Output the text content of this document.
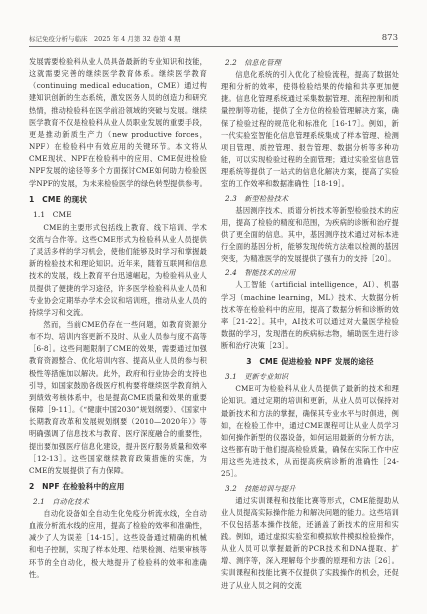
标记免疫分析与临床　2025 年 4 月第 32 卷第 4 期	873

发展需要检验科从业人员具备最新的专业知识和技能，这就需要完善的继续医学教育体系。继续医学教育（continuing medical education，CME）通过构建知识创新的生态系统，激发医务人员的创造力和研究热情，推动检验科在医学前沿领域的突破与发展。继续医学教育不仅是检验科从业人员职业发展的重要手段，更是推动新质生产力（new productive forces，NPF）在检验科中有效应用的关键环节。本文将从CME现状、NPF在检验科中的应用、CME促进检验NPF发展的途径等多个方面探讨CME如何助力检验医学NPF的发展，为未来检验医学的绿色转型提供参考。

1　CME 的现状
1.1　CME

CME的主要形式包括线上教育、线下培训、学术交流与合作等。这些CME形式为检验科从业人员提供了灵活多样的学习机会，使他们能够及时学习和掌握最新的检验技术和理论知识。近年来，随着互联网和信息技术的发展，线上教育平台迅速崛起，为检验科从业人员提供了便捷的学习途径，许多医学检验科从业人员和专业协会定期举办学术会议和培训班，推动从业人员的持续学习和交流。

然而，当前CME仍存在一些问题，如教育资源分布不均、培训内容更新不及时、从业人员参与度不高等［6-8］。这些问题限制了CME的效果，需要通过加强教育资源整合、优化培训内容、提高从业人员的参与积极性等措施加以解决。此外，政府和行业协会的支持也引导，如国家鼓励各级医疗机构要将继续医学教育纳入到绩效考核体系中，也是提高CME质量和效果的重要保障［9-11］。《“健康中国2030”规划纲要》、《国家中长期教育改革和发展规划纲要（2010—2020年）》等明确强调了信息技术与教育、医疗深度融合的重要性，提出要加强医疗信息化建设，提升医疗服务质量和效率［12-13］。这些国家继续教育政策措施的实施，为CME的发展提供了有力保障。

2　NPF 在检验科中的应用
2.1　自动化技术

自动化设备如全自动生化免疫分析流水线，全自动血液分析流水线的应用，提高了检验的效率和准确性，减少了人为误差［14-15］。这些设备通过精确的机械和电子控制，实现了样本处理、结果检测、结果审核等环节的全自动化，极大地提升了检验科的效率和准确性。

2.2　信息化管理

信息化系统的引入优化了检验流程，提高了数据处理和分析的效率，使得检验结果的传输和共享更加便捷。信息化管理系统通过采集数据管理、流程控制和质量控制等功能，提供了全方位的检验管理解决方案，确保了检验过程的规范化和标准化［16-17］。例如，新一代实验室智能化信息管理系统集成了样本管理、检测项目管理、质控管理、报告管理、数据分析等多种功能，可以实现检验过程的全面管理；通过实验室信息管理系统等提供了一站式的信息化解决方案，提高了实验室的工作效率和数据准确性［18-19］。

2.3　新型检验技术

基因测序技术、质谱分析技术等新型检验技术的应用，提高了检验的精度和范围，为疾病的诊断和治疗提供了更全面的信息。其中，基因测序技术通过对标本进行全面的基因分析，能够发现传统方法难以检测的基因突变，为精准医学的发展提供了强有力的支持［20］。

2.4　智能技术的应用

人工智能（artificial intelligence，AI）、机器学习（machine learning，ML）技术、大数据分析技术等在检验科中的应用，提高了数据分析和诊断的效率［21-22］。其中，AI技术可以通过对大量医学检验数据的学习，发现潜在的疾病标志物，辅助医生进行诊断和治疗决策［23］。

3　CME 促进检验 NPF 发展的途径
3.1　更新专业知识

CME可为检验科从业人员提供了最新的技术和理论知识。通过定期的培训和更新，从业人员可以保持对最新技术和方法的掌握，确保其专业水平与时俱进，例如，在检验工作中，通过CME课程可让从业人员学习如何操作新型的仪器设备，如何运用最新的分析方法，这些都有助于他们提高检验质量，确保在实际工作中应用这些先进技术，从而提高疾病诊断的准确性［24-25］。

3.2　技能培训与提升

通过实训课程和技能比赛等形式，CME能提助从业人员提高实际操作能力和解决问题的能力。这些培训不仅包括基本操作技能，还涵盖了新技术的应用和实践。例如，通过虚拟实验室和模拟软件模拟检验操作，从业人员可以掌握最新的PCR技术和DNA提取、扩增、测序等，深入理解每个步骤的原理和方法［26］。实训课程和技能比赛不仅提供了实践操作的机会，还促进了从业人员之间的交流
